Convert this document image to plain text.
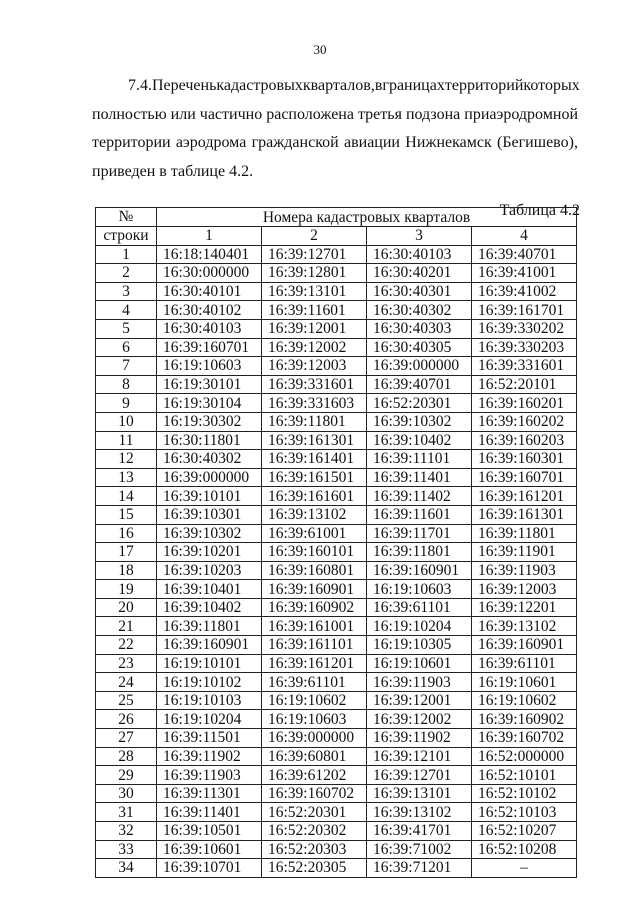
30
7.4. Перечень кадастровых кварталов, в границах территорий которых
полностью или частично расположена третья подзона приаэродромной
территории аэродрома гражданской авиации Нижнекамск (Бегишево),
приведен в таблице 4.2.
Таблица 4.2
№	Номера кадастровых кварталов			
строки	1	2	3	4
1	16:18:140401	16:39:12701	16:30:40103	16:39:40701
2	16:30:000000	16:39:12801	16:30:40201	16:39:41001
3	16:30:40101	16:39:13101	16:30:40301	16:39:41002
4	16:30:40102	16:39:11601	16:30:40302	16:39:161701
5	16:30:40103	16:39:12001	16:30:40303	16:39:330202
6	16:39:160701	16:39:12002	16:30:40305	16:39:330203
7	16:19:10603	16:39:12003	16:39:000000	16:39:331601
8	16:19:30101	16:39:331601	16:39:40701	16:52:20101
9	16:19:30104	16:39:331603	16:52:20301	16:39:160201
10	16:19:30302	16:39:11801	16:39:10302	16:39:160202
11	16:30:11801	16:39:161301	16:39:10402	16:39:160203
12	16:30:40302	16:39:161401	16:39:11101	16:39:160301
13	16:39:000000	16:39:161501	16:39:11401	16:39:160701
14	16:39:10101	16:39:161601	16:39:11402	16:39:161201
15	16:39:10301	16:39:13102	16:39:11601	16:39:161301
16	16:39:10302	16:39:61001	16:39:11701	16:39:11801
17	16:39:10201	16:39:160101	16:39:11801	16:39:11901
18	16:39:10203	16:39:160801	16:39:160901	16:39:11903
19	16:39:10401	16:39:160901	16:19:10603	16:39:12003
20	16:39:10402	16:39:160902	16:39:61101	16:39:12201
21	16:39:11801	16:39:161001	16:19:10204	16:39:13102
22	16:39:160901	16:39:161101	16:19:10305	16:39:160901
23	16:19:10101	16:39:161201	16:19:10601	16:39:61101
24	16:19:10102	16:39:61101	16:39:11903	16:19:10601
25	16:19:10103	16:19:10602	16:39:12001	16:19:10602
26	16:19:10204	16:19:10603	16:39:12002	16:39:160902
27	16:39:11501	16:39:000000	16:39:11902	16:39:160702
28	16:39:11902	16:39:60801	16:39:12101	16:52:000000
29	16:39:11903	16:39:61202	16:39:12701	16:52:10101
30	16:39:11301	16:39:160702	16:39:13101	16:52:10102
31	16:39:11401	16:52:20301	16:39:13102	16:52:10103
32	16:39:10501	16:52:20302	16:39:41701	16:52:10207
33	16:39:10601	16:52:20303	16:39:71002	16:52:10208
34	16:39:10701	16:52:20305	16:39:71201	–
